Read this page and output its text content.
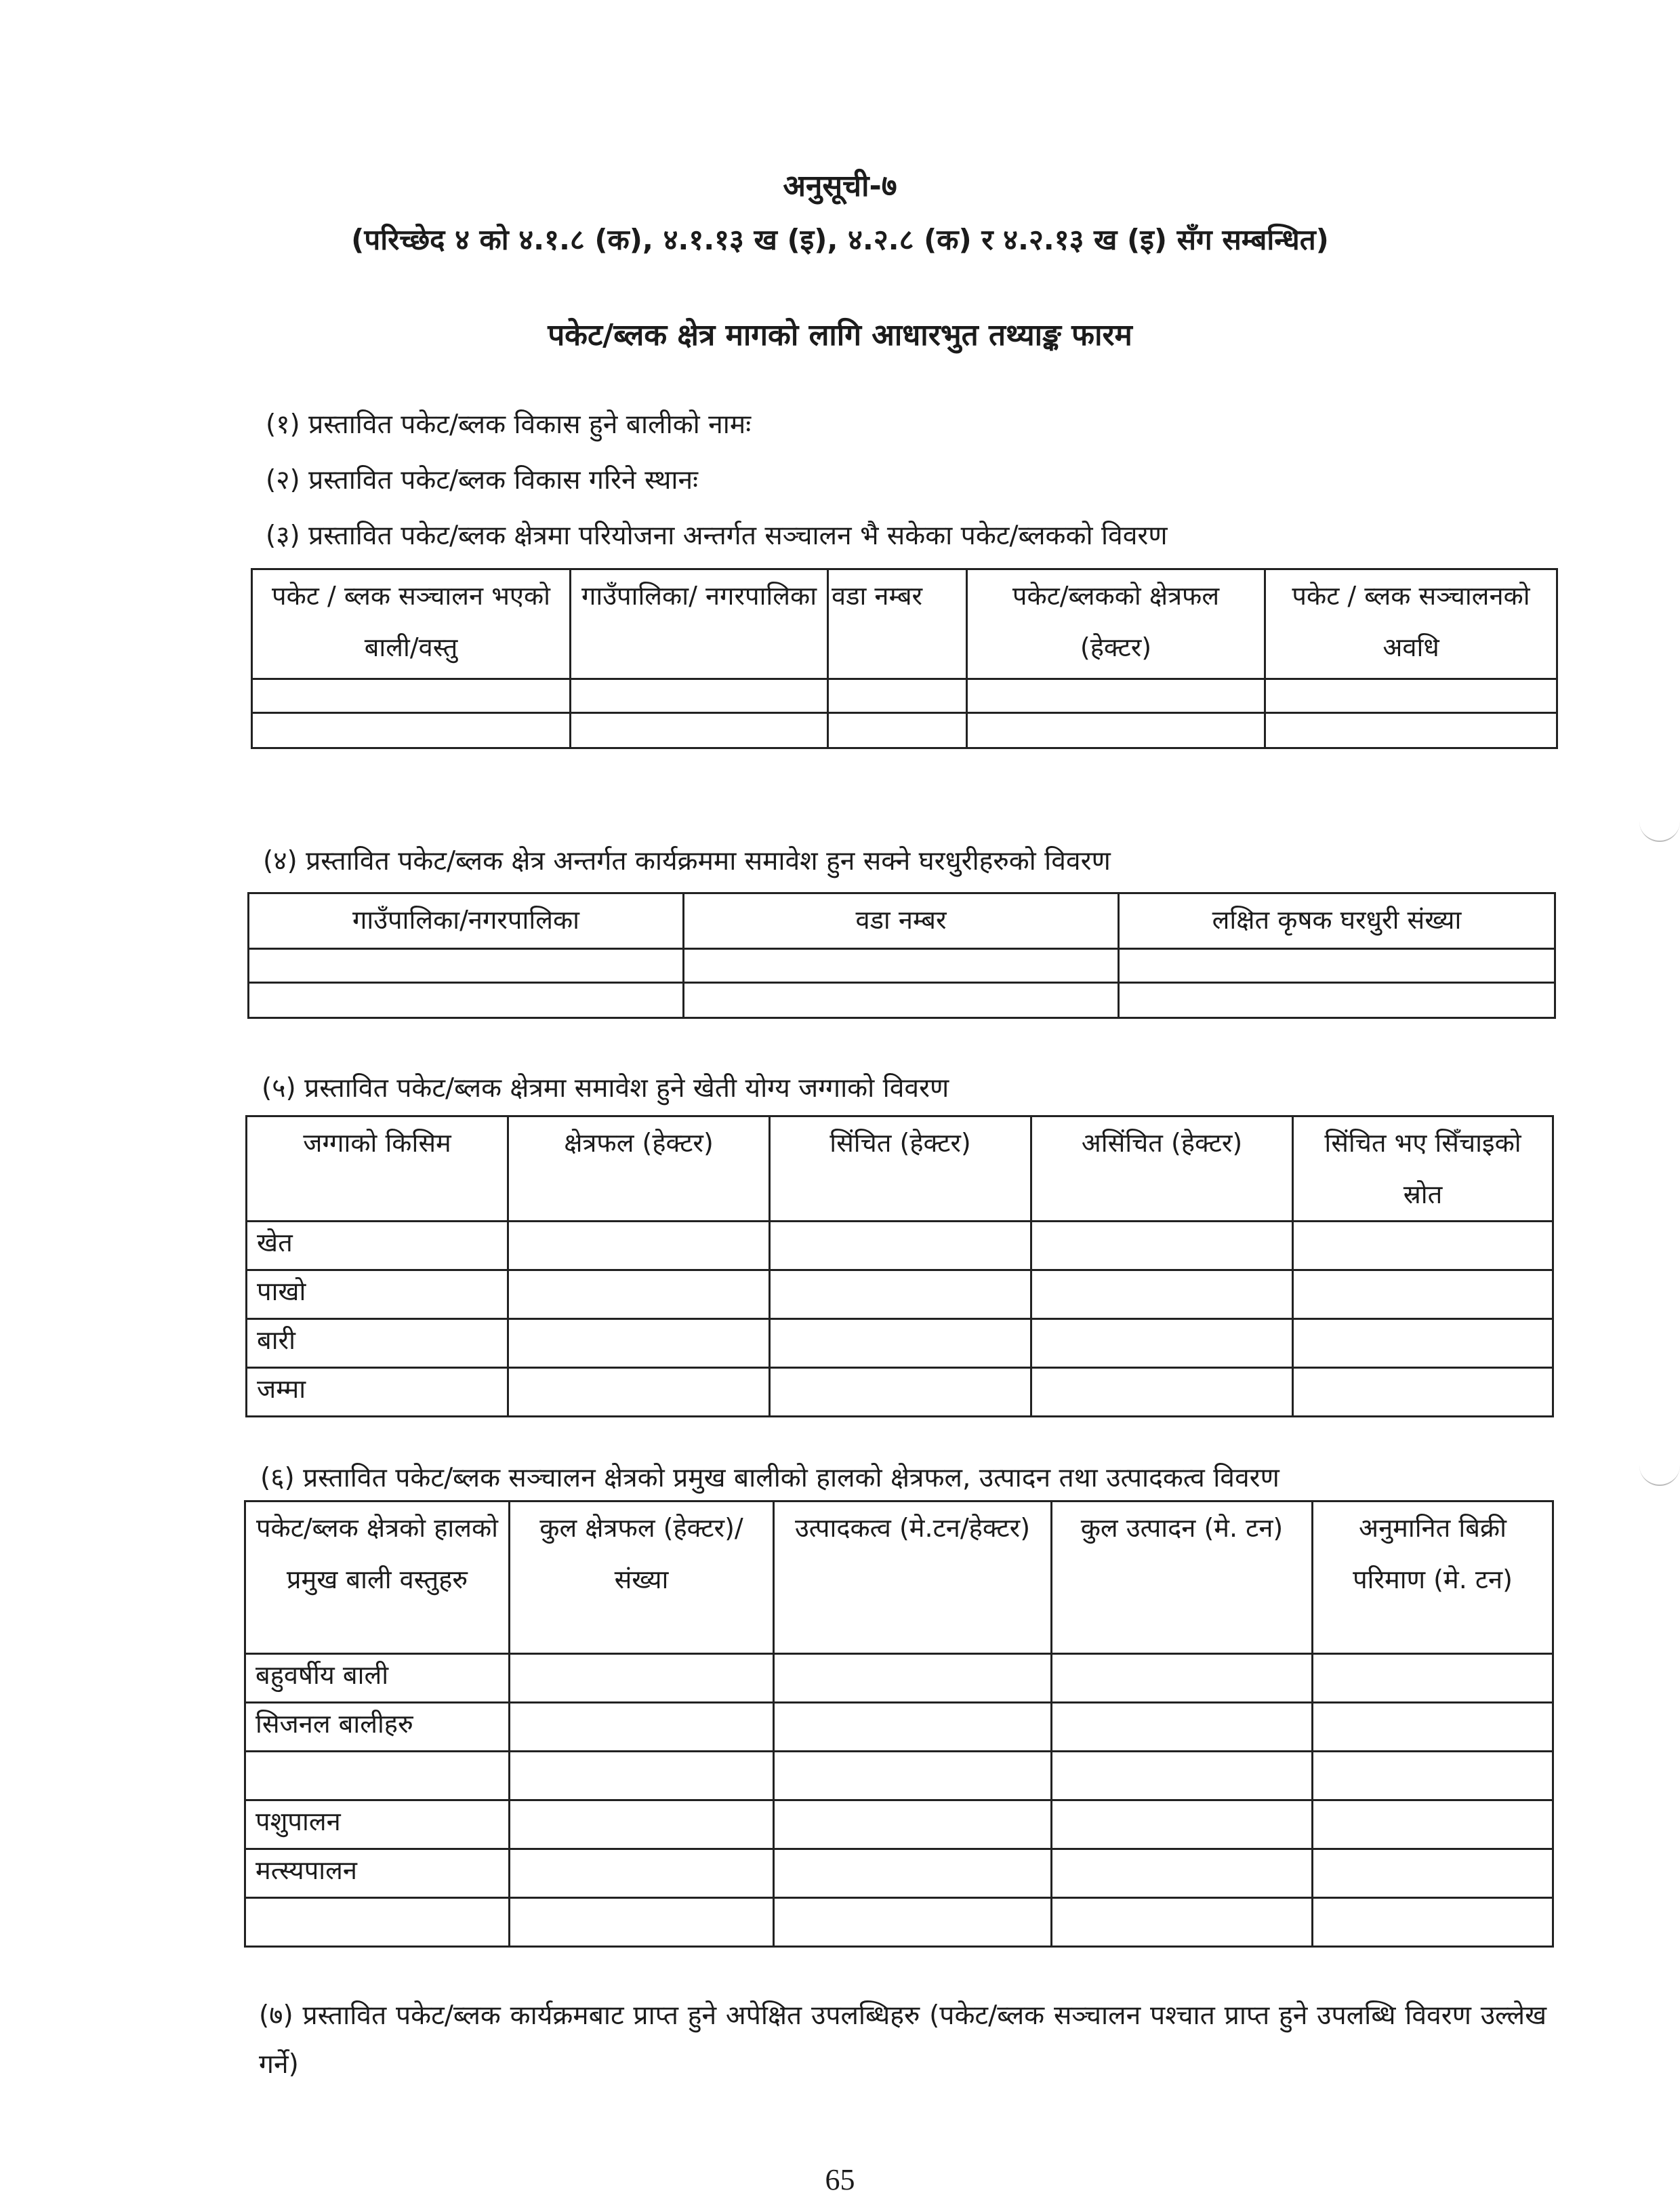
अनुसूची-७
(परिच्छेद ४ को ४.१.८ (क), ४.१.१३ ख (इ), ४.२.८ (क) र ४.२.१३ ख (इ) सँग सम्बन्धित)
पकेट/ब्लक क्षेत्र मागको लागि आधारभुत तथ्याङ्क फारम
(१) प्रस्तावित पकेट/ब्लक विकास हुने बालीको नामः
(२) प्रस्तावित पकेट/ब्लक विकास गरिने स्थानः
(३) प्रस्तावित पकेट/ब्लक क्षेत्रमा परियोजना अन्तर्गत सञ्चालन भै सकेका पकेट/ब्लकको विवरण
पकेट / ब्लक सञ्चालन भएको बाली/वस्तु	गाउँपालिका/ नगरपालिका	वडा नम्बर	पकेट/ब्लकको क्षेत्रफल (हेक्टर)	पकेट / ब्लक सञ्चालनको अवधि

(४) प्रस्तावित पकेट/ब्लक क्षेत्र अन्तर्गत कार्यक्रममा समावेश हुन सक्ने घरधुरीहरुको विवरण
गाउँपालिका/नगरपालिका	वडा नम्बर	लक्षित कृषक घरधुरी संख्या

(५) प्रस्तावित पकेट/ब्लक क्षेत्रमा समावेश हुने खेती योग्य जग्गाको विवरण
जग्गाको किसिम	क्षेत्रफल (हेक्टर)	सिंचित (हेक्टर)	असिंचित (हेक्टर)	सिंचित भए सिँचाइको स्रोत
खेत				
पाखो				
बारी				
जम्मा				
(६) प्रस्तावित पकेट/ब्लक सञ्चालन क्षेत्रको प्रमुख बालीको हालको क्षेत्रफल, उत्पादन तथा उत्पादकत्व विवरण
पकेट/ब्लक क्षेत्रको हालको प्रमुख बाली वस्तुहरु	कुल क्षेत्रफल (हेक्टर)/संख्या	उत्पादकत्व (मे.टन/हेक्टर)	कुल उत्पादन (मे. टन)	अनुमानित बिक्री परिमाण (मे. टन)
बहुवर्षीय बाली				
सिजनल बालीहरु				

पशुपालन				
मत्स्यपालन				

(७) प्रस्तावित पकेट/ब्लक कार्यक्रमबाट प्राप्त हुने अपेक्षित उपलब्धिहरु (पकेट/ब्लक सञ्चालन पश्चात प्राप्त हुने उपलब्धि विवरण उल्लेख गर्ने)
65
